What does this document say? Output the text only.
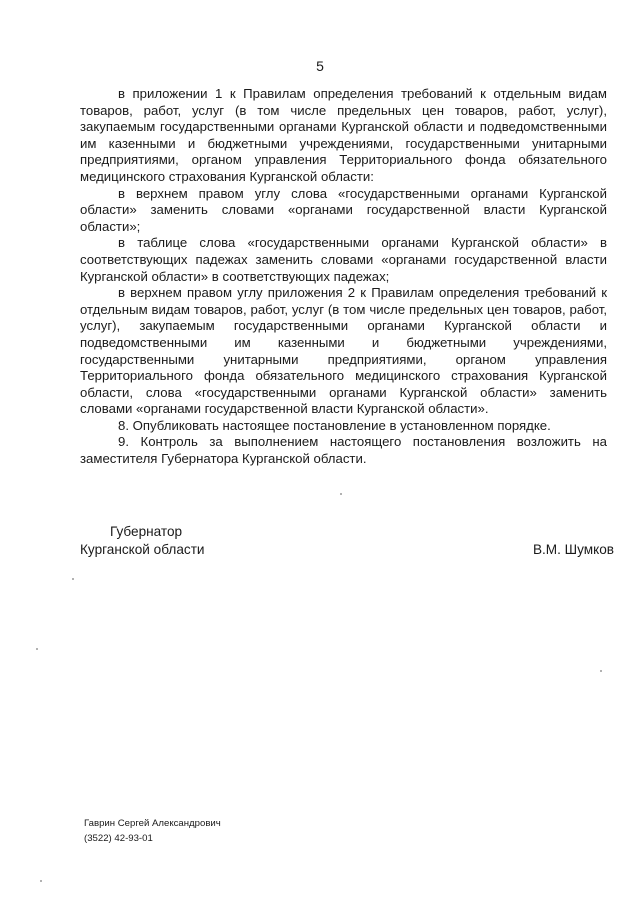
5

в приложении 1 к Правилам определения требований к отдельным видам товаров, работ, услуг (в том числе предельных цен товаров, работ, услуг), закупаемым государственными органами Курганской области и подведомственными им казенными и бюджетными учреждениями, государственными унитарными предприятиями, органом управления Территориального фонда обязательного медицинского страхования Курганской области:

в верхнем правом углу слова «государственными органами Курганской области» заменить словами «органами государственной власти Курганской области»;

в таблице слова «государственными органами Курганской области» в соответствующих падежах заменить словами «органами государственной власти Курганской области» в соответствующих падежах;

в верхнем правом углу приложения 2 к Правилам определения требований к отдельным видам товаров, работ, услуг (в том числе предельных цен товаров, работ, услуг), закупаемым государственными органами Курганской области и подведомственными им казенными и бюджетными учреждениями, государственными унитарными предприятиями, органом управления Территориального фонда обязательного медицинского страхования Курганской области, слова «государственными органами Курганской области» заменить словами «органами государственной власти Курганской области».

8. Опубликовать настоящее постановление в установленном порядке.

9. Контроль за выполнением настоящего постановления возложить на заместителя Губернатора Курганской области.

Губернатор
Курганской области	В.М. Шумков
Гаврин Сергей Александрович
(3522) 42-93-01
